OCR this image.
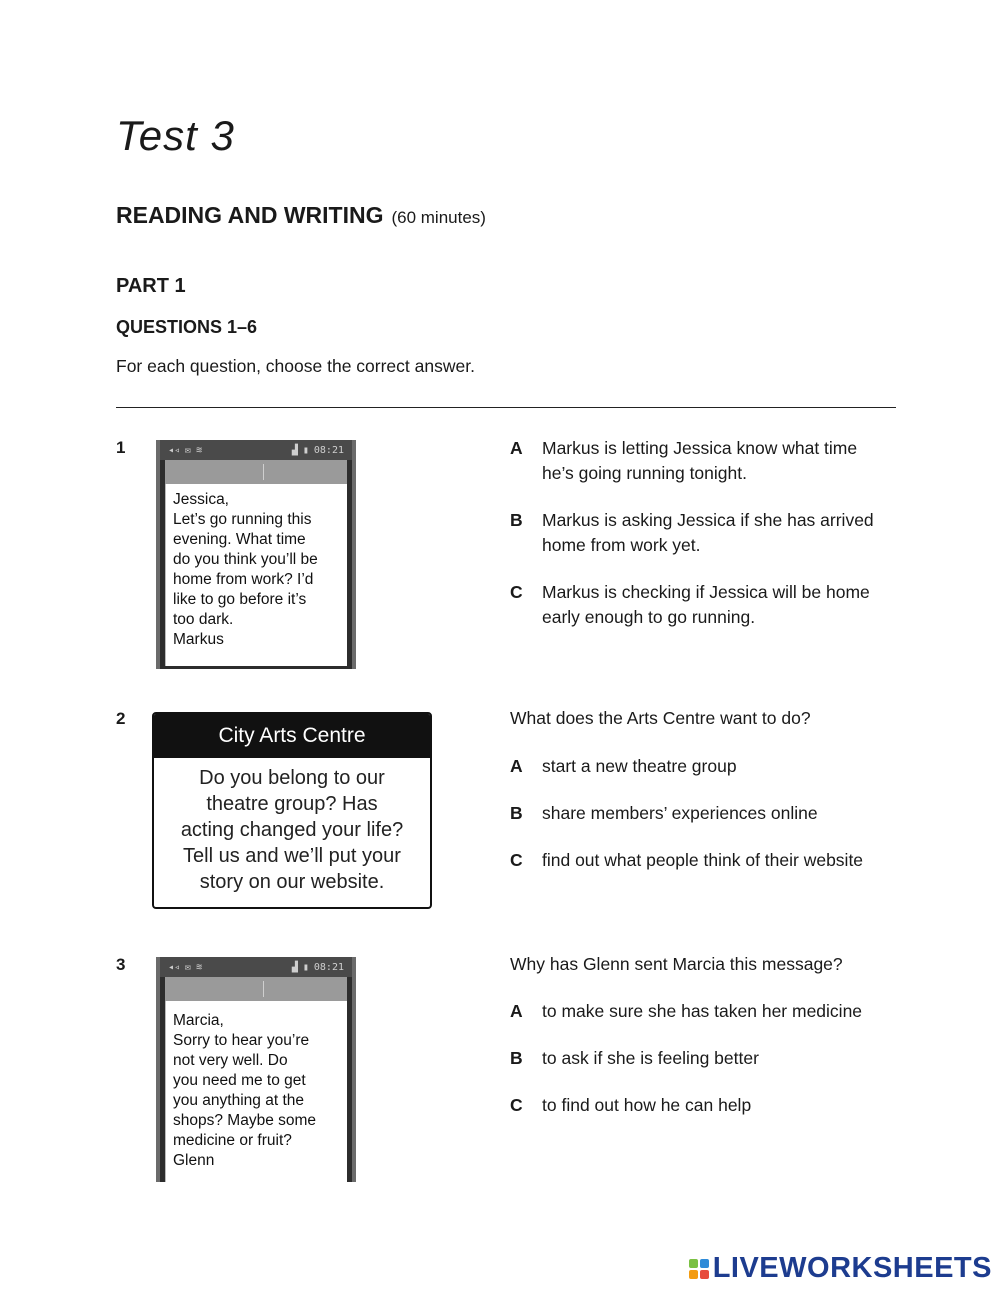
Test 3
READING AND WRITING (60 minutes)
PART 1
QUESTIONS 1–6
For each question, choose the correct answer.
1	◂◃ ✉ ≋	▟ ▮ 08:21
Jessica,
Let’s go running this
evening. What time
do you think you’ll be
home from work? I’d
like to go before it’s
too dark.
Markus
A	Markus is letting Jessica know what time he’s going running tonight.
B	Markus is asking Jessica if she has arrived home from work yet.
C	Markus is checking if Jessica will be home early enough to go running.
2
City Arts Centre
Do you belong to our
theatre group? Has
acting changed your life?
Tell us and we’ll put your
story on our website.
What does the Arts Centre want to do?
A	start a new theatre group
B	share members’ experiences online
C	find out what people think of their website
3	◂◃ ✉ ≋	▟ ▮ 08:21
Marcia,
Sorry to hear you’re
not very well. Do
you need me to get
you anything at the
shops? Maybe some
medicine or fruit?
Glenn
Why has Glenn sent Marcia this message?
A	to make sure she has taken her medicine
B	to ask if she is feeling better
C	to find out how he can help
LIVEWORKSHEETS
